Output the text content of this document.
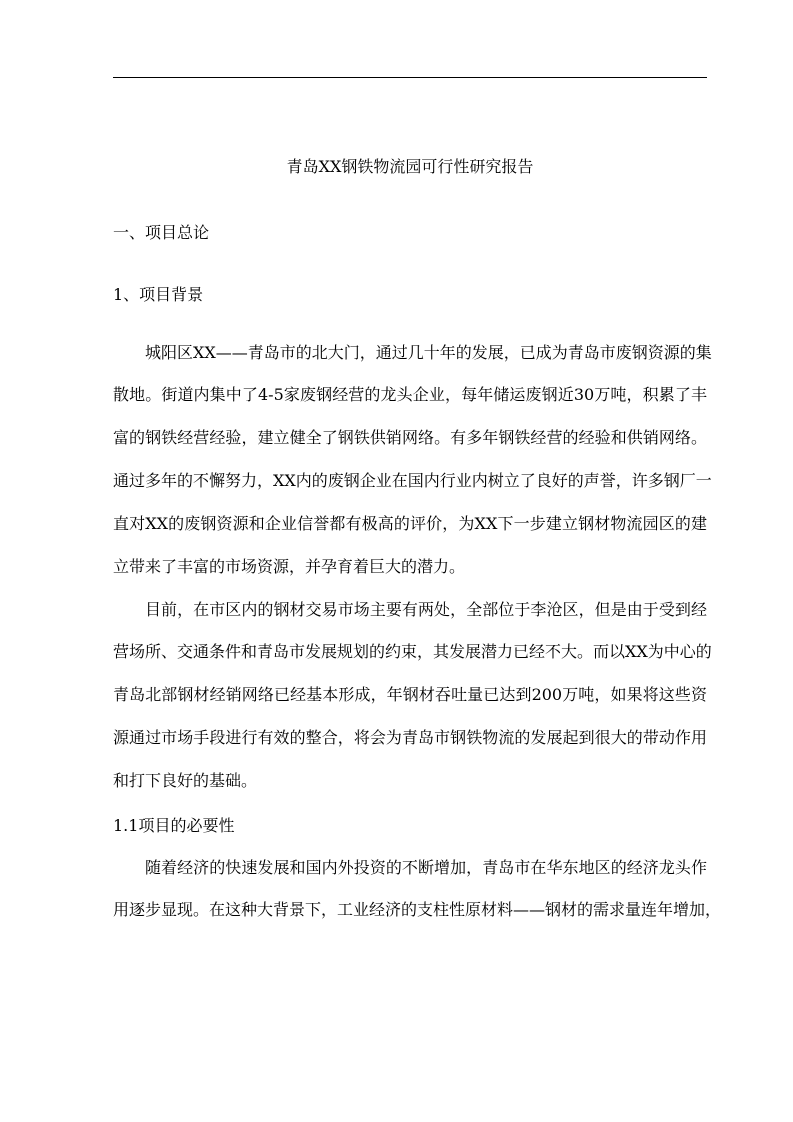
青岛XX钢铁物流园可行性研究报告
一、项目总论
1、项目背景
城阳区XX——青岛市的北大门，通过几十年的发展，已成为青岛市废钢资源的集
散地。街道内集中了4-5家废钢经营的龙头企业，每年储运废钢近30万吨，积累了丰
富的钢铁经营经验，建立健全了钢铁供销网络。有多年钢铁经营的经验和供销网络。
通过多年的不懈努力，XX内的废钢企业在国内行业内树立了良好的声誉，许多钢厂一
直对XX的废钢资源和企业信誉都有极高的评价，为XX下一步建立钢材物流园区的建
立带来了丰富的市场资源，并孕育着巨大的潜力。
目前，在市区内的钢材交易市场主要有两处，全部位于李沧区，但是由于受到经
营场所、交通条件和青岛市发展规划的约束，其发展潜力已经不大。而以XX为中心的
青岛北部钢材经销网络已经基本形成，年钢材吞吐量已达到200万吨，如果将这些资
源通过市场手段进行有效的整合，将会为青岛市钢铁物流的发展起到很大的带动作用
和打下良好的基础。
1.1项目的必要性
随着经济的快速发展和国内外投资的不断增加，青岛市在华东地区的经济龙头作
用逐步显现。在这种大背景下，工业经济的支柱性原材料——钢材的需求量连年增加，
